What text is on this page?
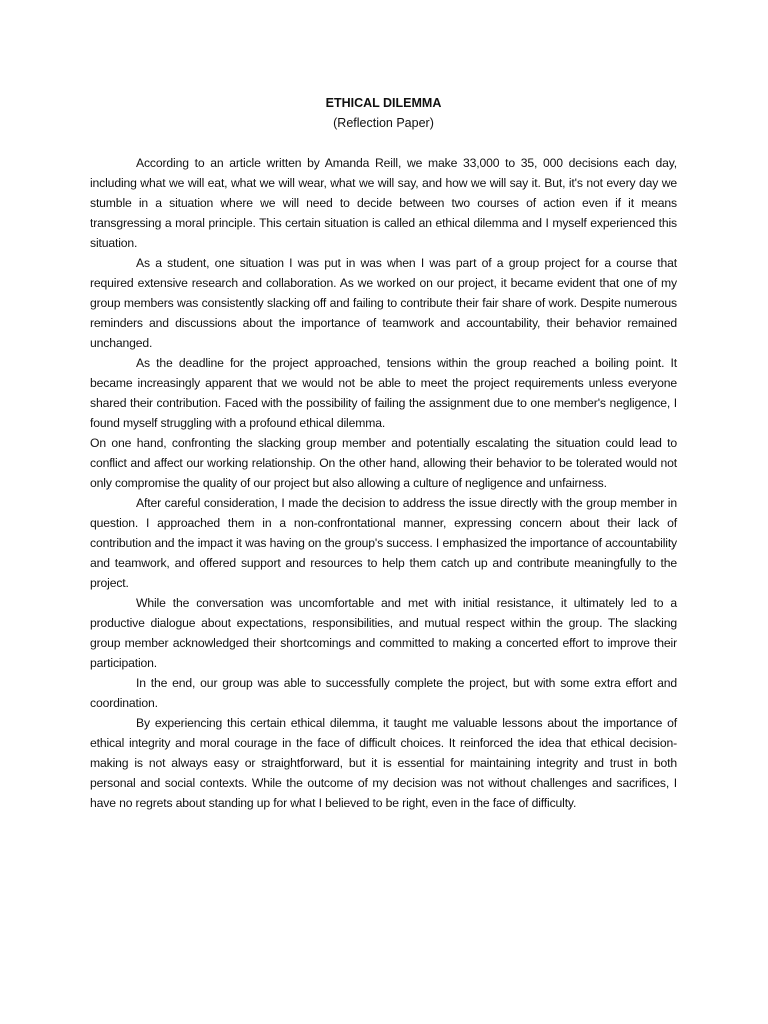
ETHICAL DILEMMA

(Reflection Paper)

According to an article written by Amanda Reill, we make 33,000 to 35, 000 decisions each day, including what we will eat, what we will wear, what we will say, and how we will say it. But, it's not every day we stumble in a situation where we will need to decide between two courses of action even if it means transgressing a moral principle. This certain situation is called an ethical dilemma and I myself experienced this situation.

As a student, one situation I was put in was when I was part of a group project for a course that required extensive research and collaboration. As we worked on our project, it became evident that one of my group members was consistently slacking off and failing to contribute their fair share of work. Despite numerous reminders and discussions about the importance of teamwork and accountability, their behavior remained unchanged.

As the deadline for the project approached, tensions within the group reached a boiling point. It became increasingly apparent that we would not be able to meet the project requirements unless everyone shared their contribution. Faced with the possibility of failing the assignment due to one member's negligence, I found myself struggling with a profound ethical dilemma.

On one hand, confronting the slacking group member and potentially escalating the situation could lead to conflict and affect our working relationship. On the other hand, allowing their behavior to be tolerated would not only compromise the quality of our project but also allowing a culture of negligence and unfairness.

After careful consideration, I made the decision to address the issue directly with the group member in question. I approached them in a non-confrontational manner, expressing concern about their lack of contribution and the impact it was having on the group's success. I emphasized the importance of accountability and teamwork, and offered support and resources to help them catch up and contribute meaningfully to the project.

While the conversation was uncomfortable and met with initial resistance, it ultimately led to a productive dialogue about expectations, responsibilities, and mutual respect within the group. The slacking group member acknowledged their shortcomings and committed to making a concerted effort to improve their participation.

In the end, our group was able to successfully complete the project, but with some extra effort and coordination.

By experiencing this certain ethical dilemma, it taught me valuable lessons about the importance of ethical integrity and moral courage in the face of difficult choices. It reinforced the idea that ethical decision-making is not always easy or straightforward, but it is essential for maintaining integrity and trust in both personal and social contexts. While the outcome of my decision was not without challenges and sacrifices, I have no regrets about standing up for what I believed to be right, even in the face of difficulty.
